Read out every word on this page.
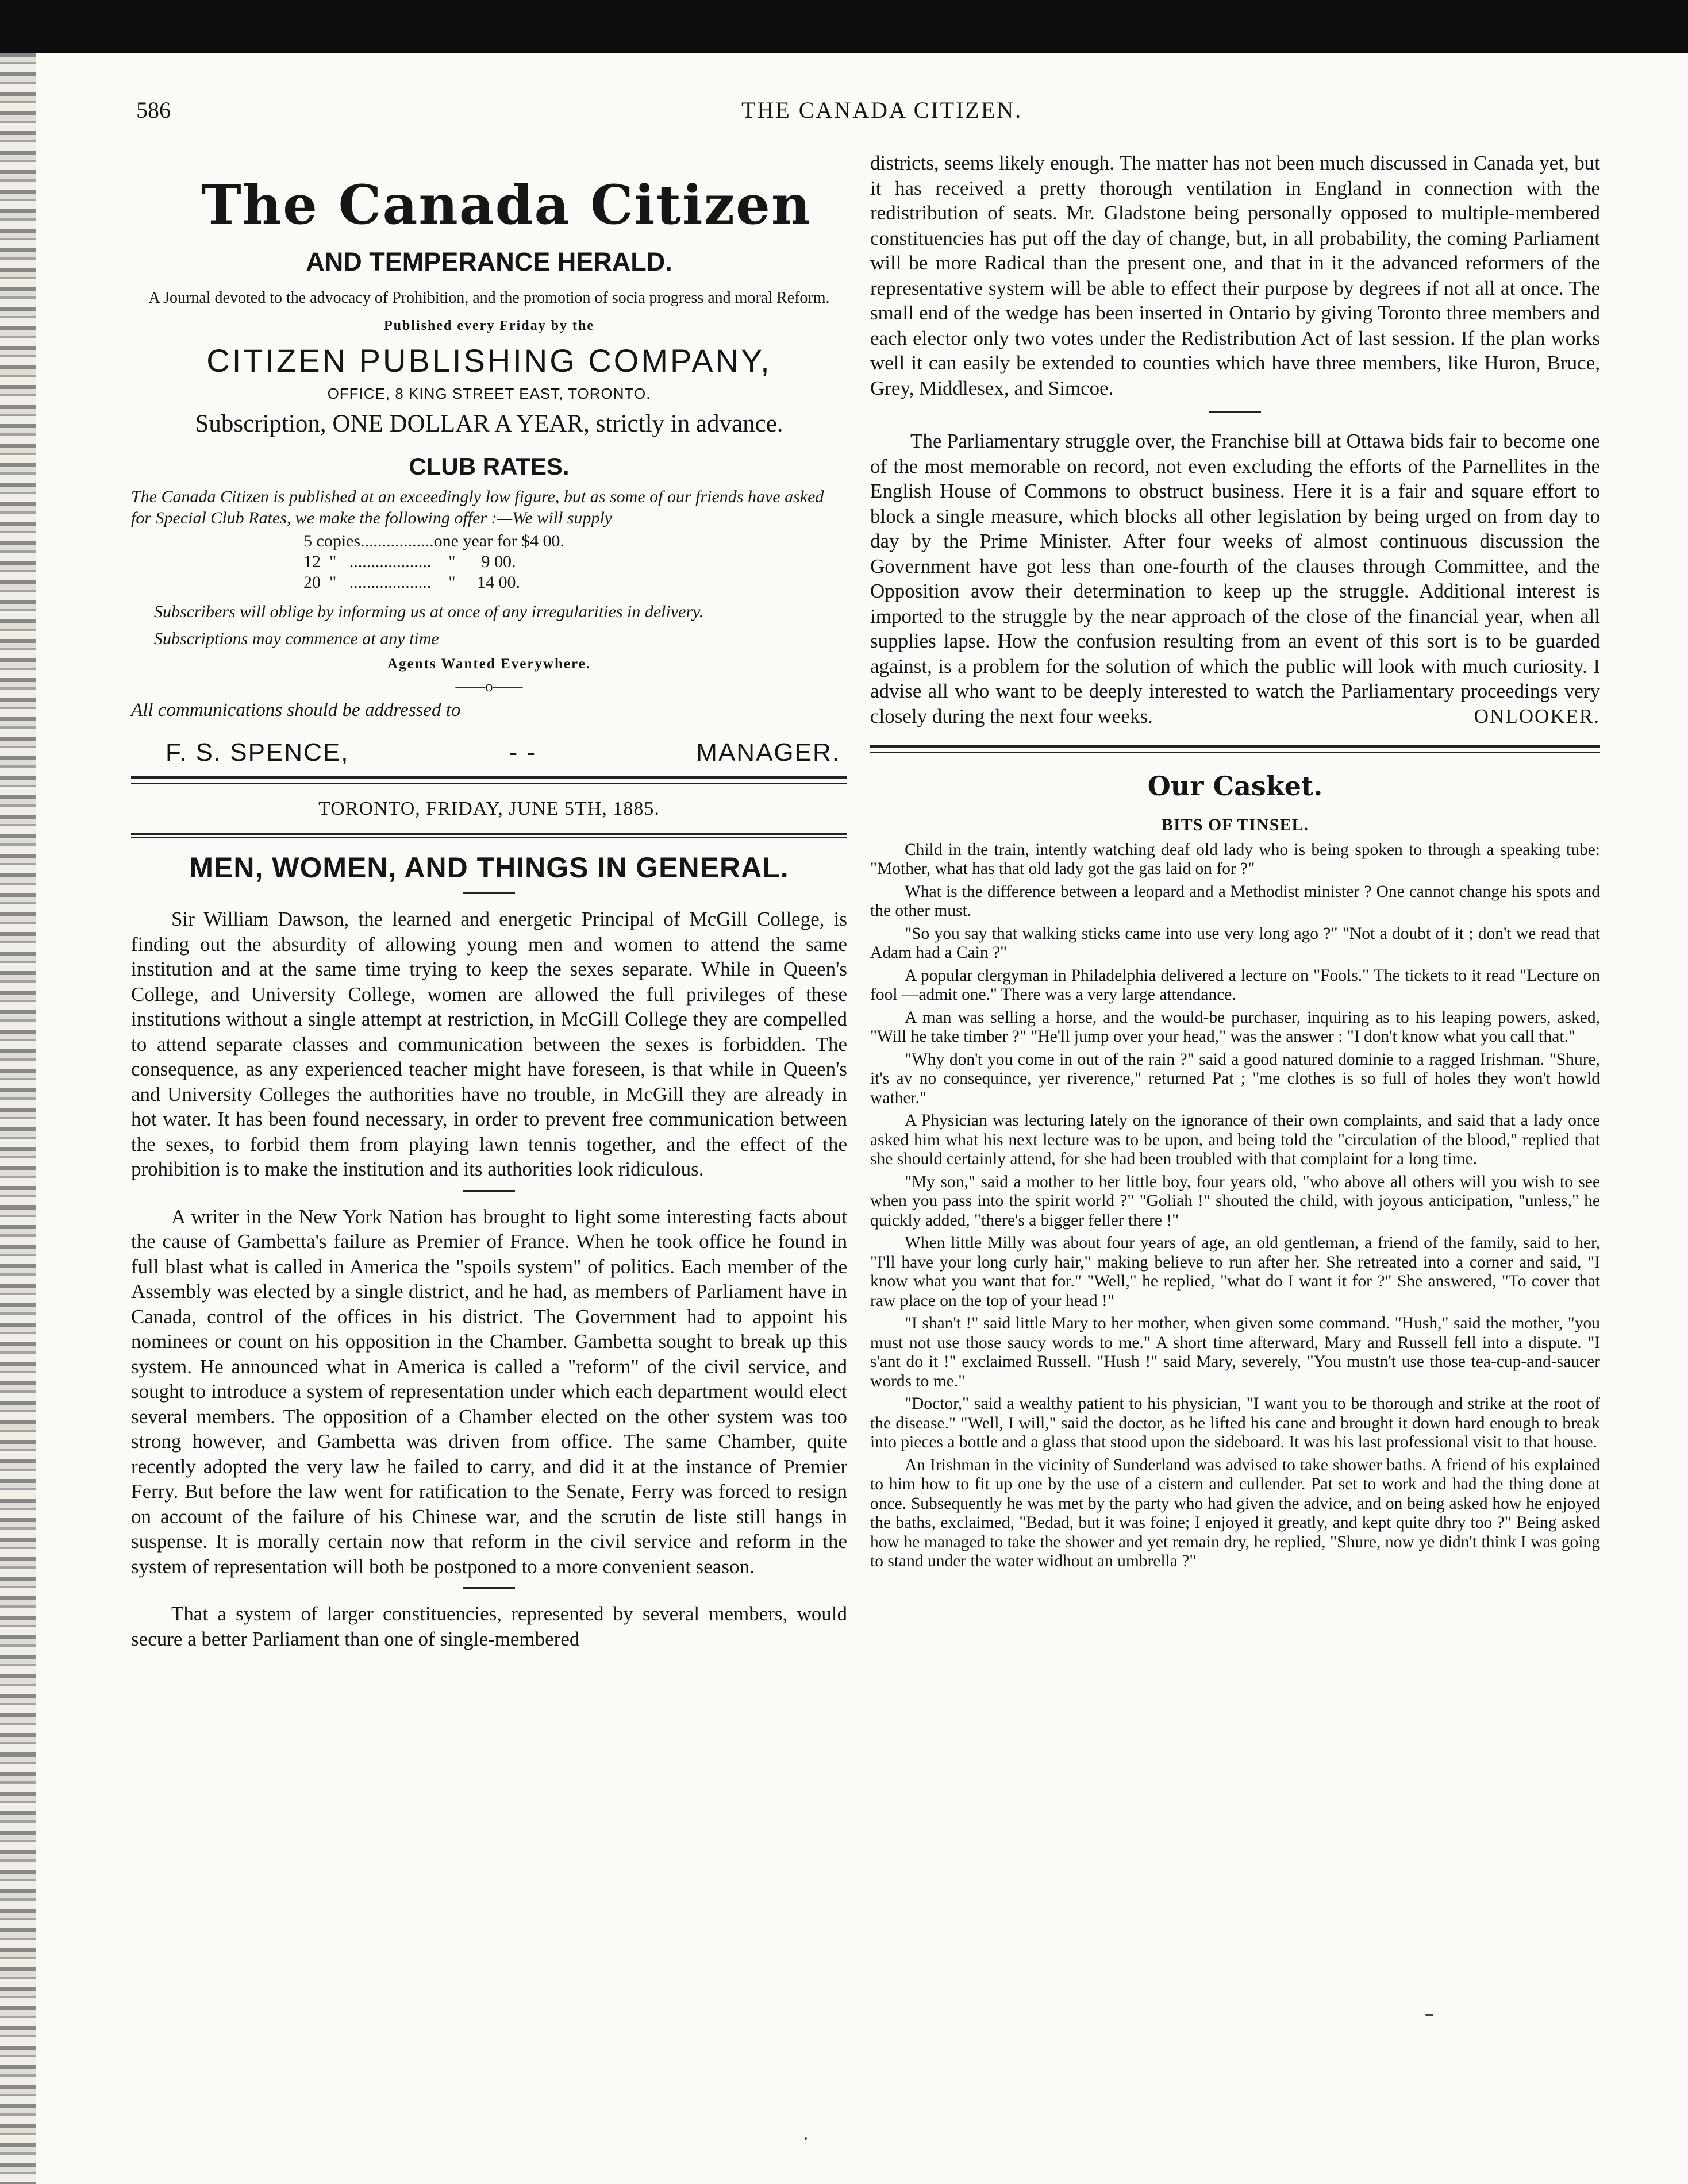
586	THE CANADA CITIZEN.
The Canada Citizen
AND TEMPERANCE HERALD.
A Journal devoted to the advocacy of Prohibition, and the promotion of socia progress and moral Reform.
Published every Friday by the
CITIZEN PUBLISHING COMPANY,
OFFICE, 8 KING STREET EAST, TORONTO.
Subscription, ONE DOLLAR A YEAR, strictly in advance.
CLUB RATES.
The Canada Citizen is published at an exceedingly low figure, but as some of our friends have asked for Special Club Rates, we make the following offer :—We will supply
5 copies.................one year for $4 00.
12  "   ...................    "      9 00.
20  "   ...................    "     14 00.
Subscribers will oblige by informing us at once of any irregularities in delivery.
Subscriptions may commence at any time
Agents Wanted Everywhere.
——o——
All communications should be addressed to
F. S. SPENCE,	- -	MANAGER.
TORONTO, FRIDAY, JUNE 5TH, 1885.
MEN, WOMEN, AND THINGS IN GENERAL.

Sir William Dawson, the learned and energetic Principal of McGill College, is finding out the absurdity of allowing young men and women to attend the same institution and at the same time trying to keep the sexes separate. While in Queen's College, and University College, women are allowed the full privileges of these institutions without a single attempt at restriction, in McGill College they are compelled to attend separate classes and communication between the sexes is forbidden. The consequence, as any experienced teacher might have foreseen, is that while in Queen's and University Colleges the authorities have no trouble, in McGill they are already in hot water. It has been found necessary, in order to prevent free communication between the sexes, to forbid them from playing lawn tennis together, and the effect of the prohibition is to make the institution and its authorities look ridiculous.

A writer in the New York Nation has brought to light some interesting facts about the cause of Gambetta's failure as Premier of France. When he took office he found in full blast what is called in America the "spoils system" of politics. Each member of the Assembly was elected by a single district, and he had, as members of Parliament have in Canada, control of the offices in his district. The Government had to appoint his nominees or count on his opposition in the Chamber. Gambetta sought to break up this system. He announced what in America is called a "reform" of the civil service, and sought to introduce a system of representation under which each department would elect several members. The opposition of a Chamber elected on the other system was too strong however, and Gambetta was driven from office. The same Chamber, quite recently adopted the very law he failed to carry, and did it at the instance of Premier Ferry. But before the law went for ratification to the Senate, Ferry was forced to resign on account of the failure of his Chinese war, and the scrutin de liste still hangs in suspense. It is morally certain now that reform in the civil service and reform in the system of representation will both be postponed to a more convenient season.

That a system of larger constituencies, represented by several members, would secure a better Parliament than one of single-membered

districts, seems likely enough. The matter has not been much discussed in Canada yet, but it has received a pretty thorough ventilation in England in connection with the redistribution of seats. Mr. Gladstone being personally opposed to multiple-membered constituencies has put off the day of change, but, in all probability, the coming Parliament will be more Radical than the present one, and that in it the advanced reformers of the representative system will be able to effect their purpose by degrees if not all at once. The small end of the wedge has been inserted in Ontario by giving Toronto three members and each elector only two votes under the Redistribution Act of last session. If the plan works well it can easily be extended to counties which have three members, like Huron, Bruce, Grey, Middlesex, and Simcoe.

The Parliamentary struggle over, the Franchise bill at Ottawa bids fair to become one of the most memorable on record, not even excluding the efforts of the Parnellites in the English House of Commons to obstruct business. Here it is a fair and square effort to block a single measure, which blocks all other legislation by being urged on from day to day by the Prime Minister. After four weeks of almost continuous discussion the Government have got less than one-fourth of the clauses through Committee, and the Opposition avow their determination to keep up the struggle. Additional interest is imported to the struggle by the near approach of the close of the financial year, when all supplies lapse. How the confusion resulting from an event of this sort is to be guarded against, is a problem for the solution of which the public will look with much curiosity. I advise all who want to be deeply interested to watch the Parliamentary proceedings very closely during the next four weeks.	ONLOOKER.
Our Casket.
BITS OF TINSEL.

Child in the train, intently watching deaf old lady who is being spoken to through a speaking tube: "Mother, what has that old lady got the gas laid on for ?"

What is the difference between a leopard and a Methodist minister ? One cannot change his spots and the other must.

"So you say that walking sticks came into use very long ago ?" "Not a doubt of it ; don't we read that Adam had a Cain ?"

A popular clergyman in Philadelphia delivered a lecture on "Fools." The tickets to it read "Lecture on fool —admit one." There was a very large attendance.

A man was selling a horse, and the would-be purchaser, inquiring as to his leaping powers, asked, "Will he take timber ?" "He'll jump over your head," was the answer : "I don't know what you call that."

"Why don't you come in out of the rain ?" said a good natured dominie to a ragged Irishman. "Shure, it's av no consequince, yer riverence," returned Pat ; "me clothes is so full of holes they won't howld wather."

A Physician was lecturing lately on the ignorance of their own complaints, and said that a lady once asked him what his next lecture was to be upon, and being told the "circulation of the blood," replied that she should certainly attend, for she had been troubled with that complaint for a long time.

"My son," said a mother to her little boy, four years old, "who above all others will you wish to see when you pass into the spirit world ?" "Goliah !" shouted the child, with joyous anticipation, "unless," he quickly added, "there's a bigger feller there !"

When little Milly was about four years of age, an old gentleman, a friend of the family, said to her, "I'll have your long curly hair," making believe to run after her. She retreated into a corner and said, "I know what you want that for." "Well," he replied, "what do I want it for ?" She answered, "To cover that raw place on the top of your head !"

"I shan't !" said little Mary to her mother, when given some command. "Hush," said the mother, "you must not use those saucy words to me." A short time afterward, Mary and Russell fell into a dispute. "I s'ant do it !" exclaimed Russell. "Hush !" said Mary, severely, "You mustn't use those tea-cup-and-saucer words to me."

"Doctor," said a wealthy patient to his physician, "I want you to be thorough and strike at the root of the disease." "Well, I will," said the doctor, as he lifted his cane and brought it down hard enough to break into pieces a bottle and a glass that stood upon the sideboard. It was his last professional visit to that house.

An Irishman in the vicinity of Sunderland was advised to take shower baths. A friend of his explained to him how to fit up one by the use of a cistern and cullender. Pat set to work and had the thing done at once. Subsequently he was met by the party who had given the advice, and on being asked how he enjoyed the baths, exclaimed, "Bedad, but it was foine; I enjoyed it greatly, and kept quite dhry too ?" Being asked how he managed to take the shower and yet remain dry, he replied, "Shure, now ye didn't think I was going to stand under the water widhout an umbrella ?"
